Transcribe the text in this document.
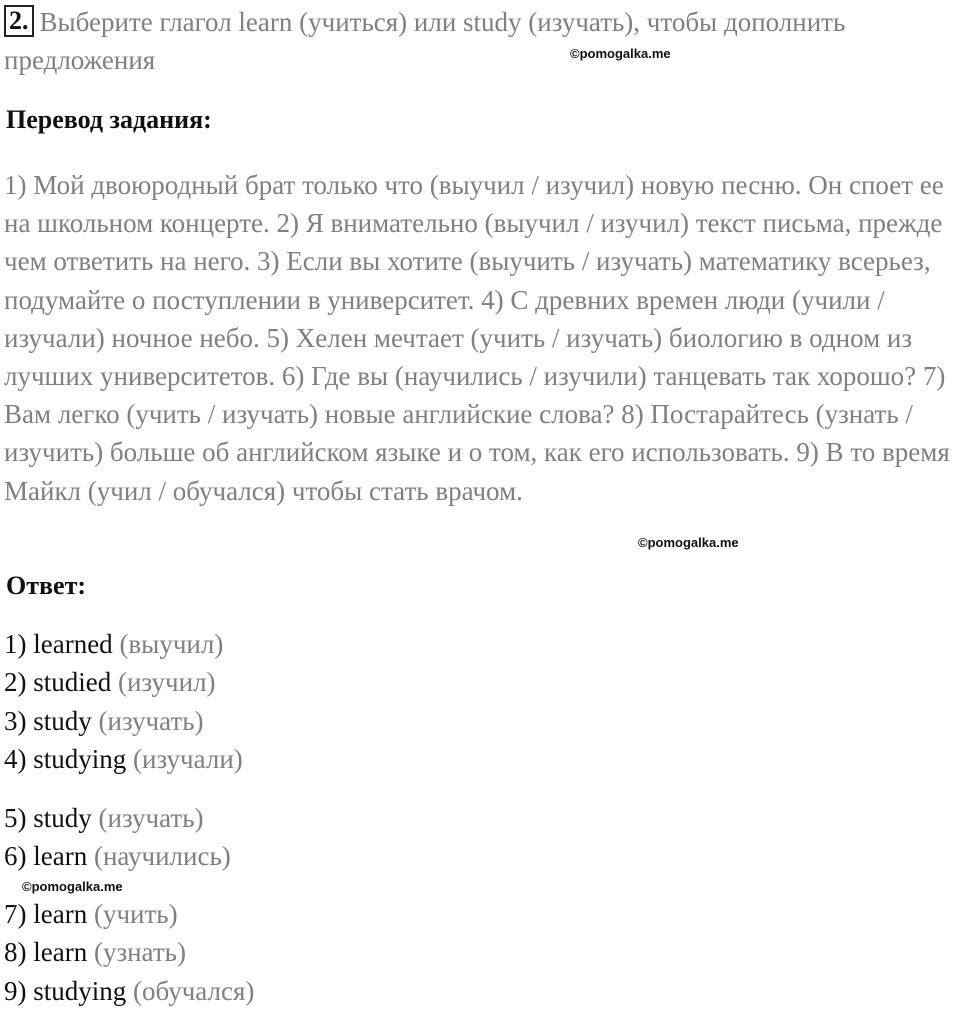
2. Выберите глагол learn (учиться) или study (изучать), чтобы дополнить предложения	©pomogalka.me
Перевод задания:
1) Мой двоюродный брат только что (выучил / изучил) новую песню. Он споет ее на школьном концерте. 2) Я внимательно (выучил / изучил) текст письма, прежде чем ответить на него. 3) Если вы хотите (выучить / изучать) математику всерьез, подумайте о поступлении в университет. 4) С древних времен люди (учили / изучали) ночное небо. 5) Хелен мечтает (учить / изучать) биологию в одном из лучших университетов. 6) Где вы (научились / изучили) танцевать так хорошо? 7) Вам легко (учить / изучать) новые английские слова? 8) Постарайтесь (узнать / изучить) больше об английском языке и о том, как его использовать. 9) В то время Майкл (учил / обучался) чтобы стать врачом.
©pomogalka.me
Ответ:
1) learned (выучил)
2) studied (изучил)
3) study (изучать)
4) studying (изучали)
5) study (изучать)
6) learn (научились)
©pomogalka.me
7) learn (учить)
8) learn (узнать)
9) studying (обучался)
